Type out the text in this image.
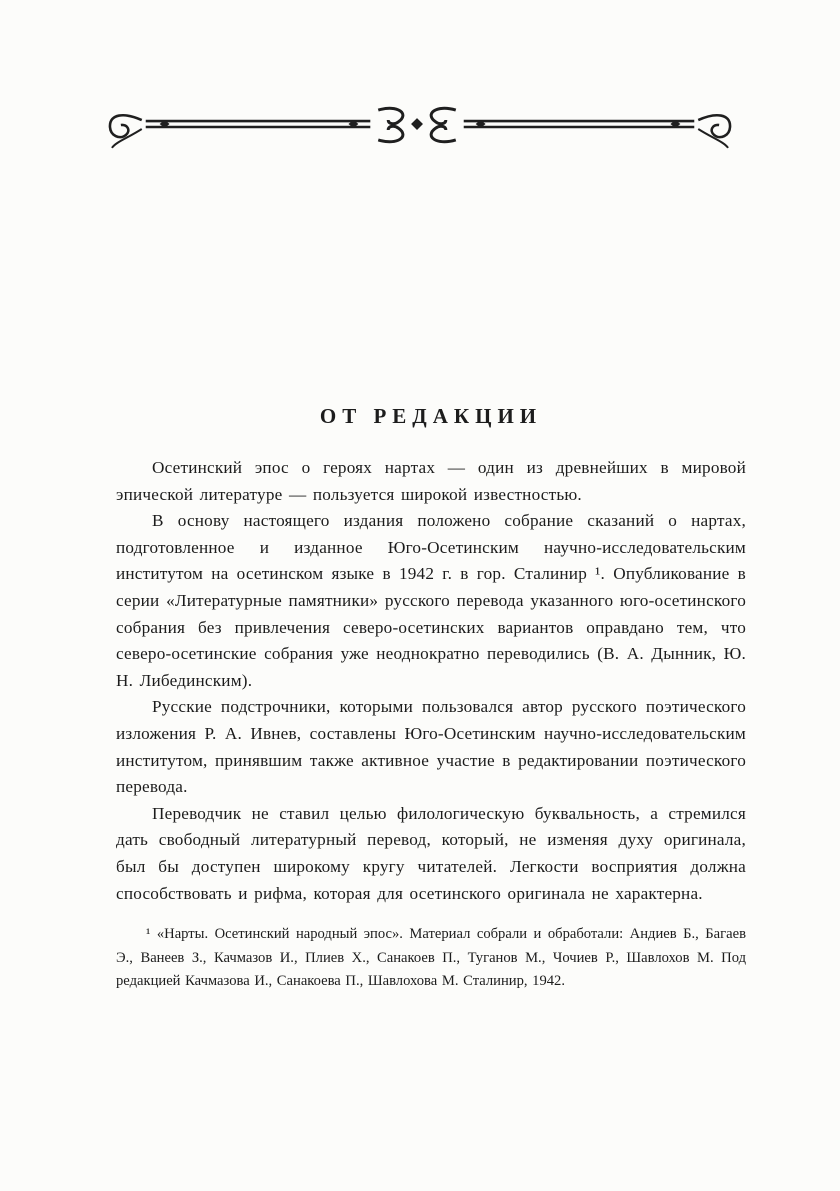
ОТ РЕДАКЦИИ

Осетинский эпос о героях нартах — один из древнейших в мировой эпической литературе — пользуется широкой известностью.

В основу настоящего издания положено собрание сказаний о нартах, подготовленное и изданное Юго-Осетинским научно-исследовательским институтом на осетинском языке в 1942 г. в гор. Сталинир ¹. Опубликование в серии «Литературные памятники» русского перевода указанного юго-осетинского собрания без привлечения северо-осетинских вариантов оправдано тем, что северо-осетинские собрания уже неоднократно переводились (В. А. Дынник, Ю. Н. Либединским).

Русские подстрочники, которыми пользовался автор русского поэтического изложения Р. А. Ивнев, составлены Юго-Осетинским научно-исследовательским институтом, принявшим также активное участие в редактировании поэтического перевода.

Переводчик не ставил целью филологическую буквальность, а стремился дать свободный литературный перевод, который, не изменяя духу оригинала, был бы доступен широкому кругу читателей. Легкости восприятия должна способствовать и рифма, которая для осетинского оригинала не характерна.

¹ «Нарты. Осетинский народный эпос». Материал собрали и обработали: Андиев Б., Багаев Э., Ванеев З., Качмазов И., Плиев Х., Санакоев П., Туганов М., Чочиев Р., Шавлохов М. Под редакцией Качмазова И., Санакоева П., Шавлохова М. Сталинир, 1942.
